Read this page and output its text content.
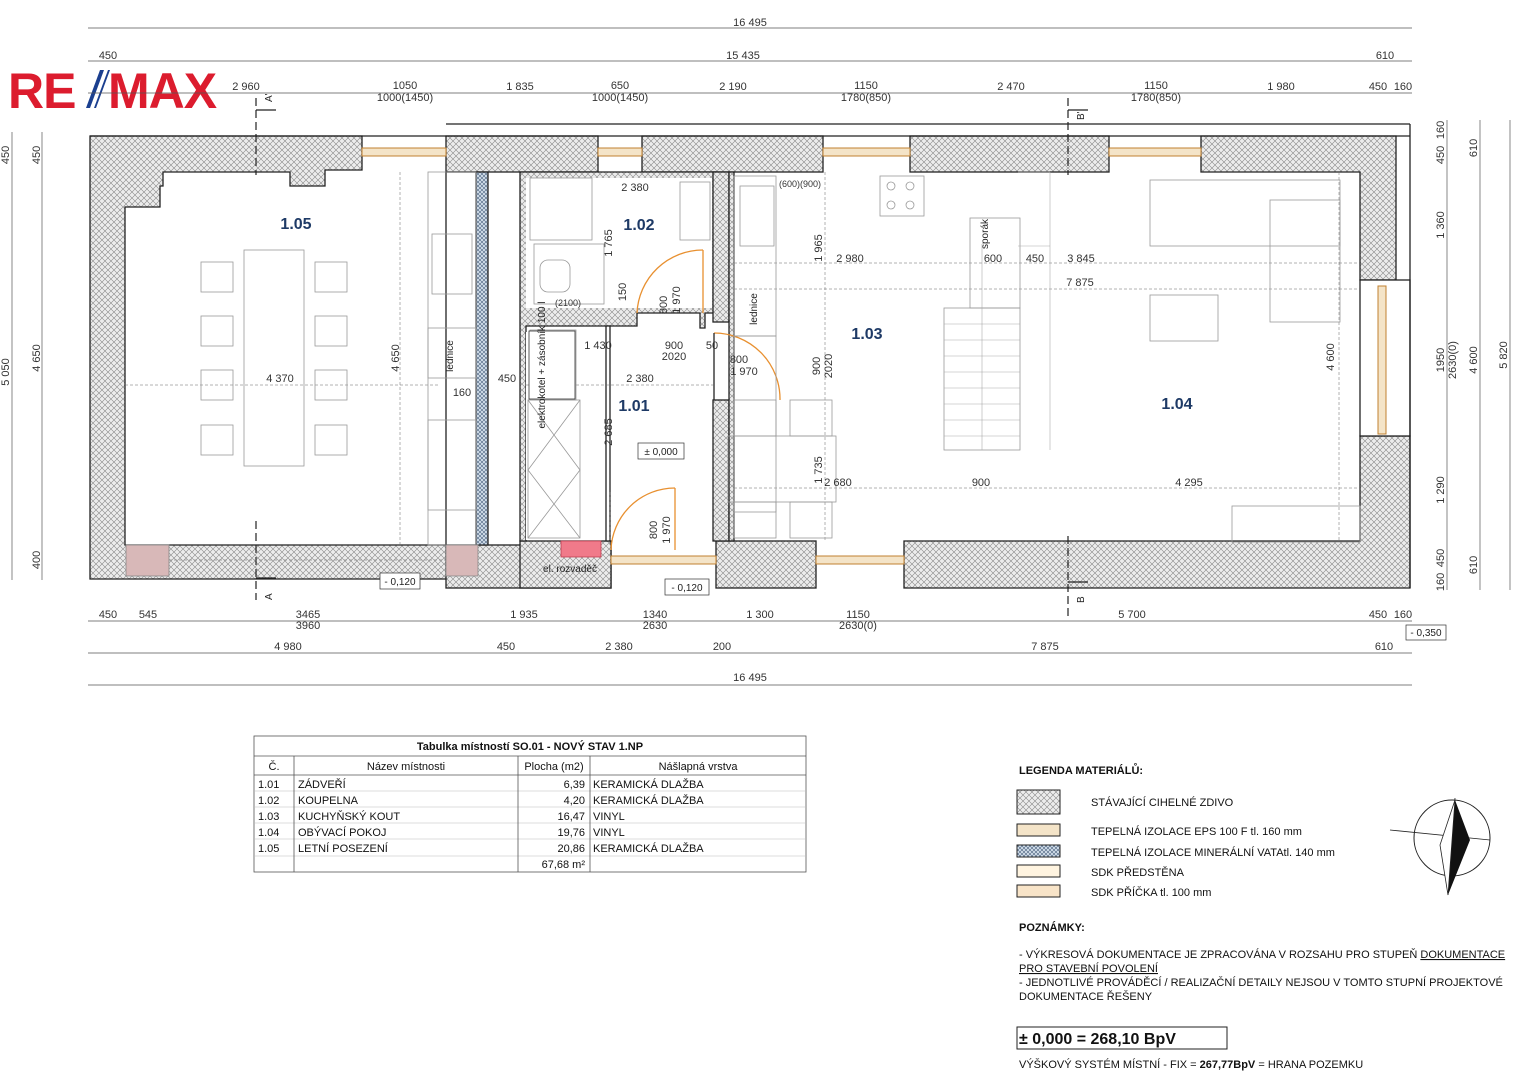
RE MAX
16 495
450	15 435	610
2 960	1050
1000(1450)
1 835	650
1000(1450)
2 190	1150
1780(850)
2 470	1150
1780(850)
1 980	450 160
450 545	3465
3960
1 935	1340
2630
1 300	1150
2630(0)
5 700	450 160
4 980	450	2 380	200	7 875	610
16 495
450 450
5 050
4 650
400
450
160
610
1 360
1950 2630(0) 4 600 5 820
1 290
450
160
610
A'
A
B'
B
1.05	1.02
1.03
1.01	1.04
2 380
1 765
150
800 1 970
1 430	900
2020
50
800
1 970
2 380
2 685
450
160
4 370
4 650
1 965 2 980	600 450 3 845
7 875
900 2020
1 735 2 680	900	4 295
4 600
800 1 970
(600)(900)
(2100)
elektrokotel + zásobník 100 l
lednice
lednice
sporák
el. rozvaděč
± 0,000
- 0,120
- 0,120
- 0,350
Tabulka místností SO.01 - NOVÝ STAV 1.NP
Č.	Název místnosti	Plocha (m2)	Nášlapná vrstva
1.01 ZÁDVEŘÍ	6,39 KERAMICKÁ DLAŽBA
1.02 KOUPELNA	4,20 KERAMICKÁ DLAŽBA
1.03 KUCHYŇSKÝ KOUT	16,47 VINYL
1.04 OBÝVACÍ POKOJ	19,76 VINYL
1.05 LETNÍ POSEZENÍ	20,86 KERAMICKÁ DLAŽBA
67,68 m²
LEGENDA MATERIÁLŮ:
STÁVAJÍCÍ CIHELNÉ ZDIVO
TEPELNÁ IZOLACE EPS 100 F tl. 160 mm
TEPELNÁ IZOLACE MINERÁLNÍ VATAtl. 140 mm
SDK PŘEDSTĚNA
SDK PŘÍČKA tl. 100 mm
POZNÁMKY:
- VÝKRESOVÁ DOKUMENTACE JE ZPRACOVÁNA V ROZSAHU PRO STUPEŇ DOKUMENTACE
PRO STAVEBNÍ POVOLENÍ
- JEDNOTLIVÉ PROVÁDĚCÍ / REALIZAČNÍ DETAILY NEJSOU V TOMTO STUPNÍ PROJEKTOVÉ
DOKUMENTACE ŘEŠENY
± 0,000 = 268,10 BpV
VÝŠKOVÝ SYSTÉM MÍSTNÍ - FIX = 267,77BpV = HRANA POZEMKU
